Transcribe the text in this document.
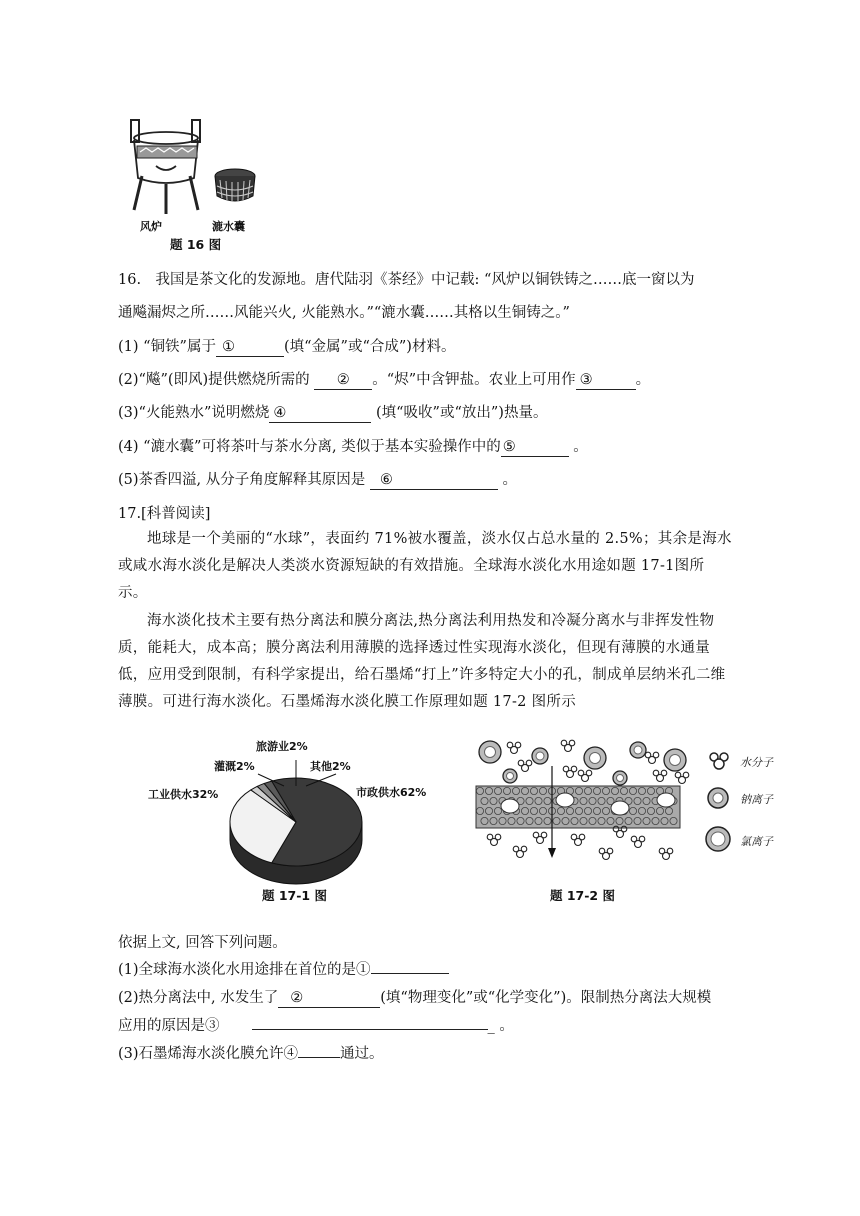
风炉	漉水囊
题 16 图
16.　我国是茶文化的发源地。唐代陆羽《茶经》中记载: “风炉以铜铁铸之……底一窗以为
通飚漏烬之所……风能兴火, 火能熟水。”“漉水囊……其格以生铜铸之。”
(1) “铜铁”属于 ①	(填“金属”或“合成”)材料。
(2)“飚”(即风)提供燃烧所需的 ② 。“烬”中含钾盐。农业上可用作 ③	。
(3)“火能熟水”说明燃烧 ④	(填“吸收”或“放出”)热量。
(4) “漉水囊”可将茶叶与茶水分离, 类似于基本实验操作中的 ⑤	。
(5)茶香四溢, 从分子角度解释其原因是 ⑥	。
17.[科普阅读]
地球是一个美丽的“水球”，表面约 71%被水覆盖，淡水仅占总水量的 2.5%；其余是海水或咸水海水淡化是解决人类淡水资源短缺的有效措施。全球海水淡化水用途如题 17-1图所示。
海水淡化技术主要有热分离法和膜分离法,热分离法利用热发和冷凝分离水与非挥发性物质，能耗大，成本高；膜分离法利用薄膜的选择透过性实现海水淡化，但现有薄膜的水通量低，应用受到限制，有科学家提出，给石墨烯“打上”许多特定大小的孔，制成单层纳米孔二维薄膜。可进行海水淡化。石墨烯海水淡化膜工作原理如题 17-2 图所示
旅游业2%
灌溉2%	其他2%
工业供水32%	市政供水62%
题 17-1 图
水分子
钠离子
氯离子
题 17-2 图
依据上文, 回答下列问题。
(1)全球海水淡化水用途排在首位的是①
(2)热分离法中, 水发生了 ②	(填“物理变化”或“化学变化”)。限制热分离法大规模
应用的原因是③	_ 。
(3)石墨烯海水淡化膜允许④	通过。
